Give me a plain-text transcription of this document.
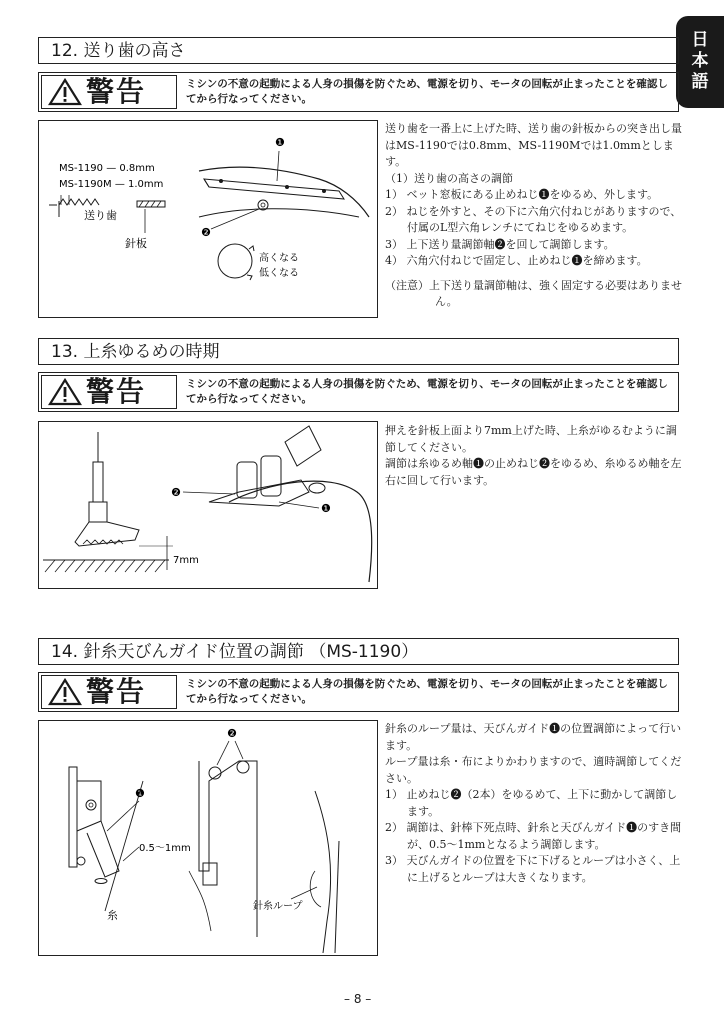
日本語
12. 送り歯の高さ
警告	ミシンの不意の起動による人身の損傷を防ぐため、電源を切り、モータの回転が止まったことを確認してから行なってください。
MS-1190 — 0.8mm
MS-1190M — 1.0mm
送り歯
針板
❶
❷
高くなる
低くなる

送り歯を一番上に上げた時、送り歯の針板からの突き出し量はMS-1190では0.8mm、MS-1190Mでは1.0mmとします。

（1）送り歯の高さの調節

1） ベット窓板にある止めねじ❶をゆるめ、外します。

2） ねじを外すと、その下に六角穴付ねじがありますので、付属のL型六角レンチにてねじをゆるめます。

3） 上下送り量調節軸❷を回して調節します。

4） 六角穴付ねじで固定し、止めねじ❶を締めます。

（注意）上下送り量調節軸は、強く固定する必要はありません。

13. 上糸ゆるめの時期
警告	ミシンの不意の起動による人身の損傷を防ぐため、電源を切り、モータの回転が止まったことを確認してから行なってください。
7mm
❷
❶

押えを針板上面より7mm上げた時、上糸がゆるむように調節してください。

調節は糸ゆるめ軸❶の止めねじ❷をゆるめ、糸ゆるめ軸を左右に回して行います。

14. 針糸天びんガイド位置の調節 （MS-1190）
警告	ミシンの不意の起動による人身の損傷を防ぐため、電源を切り、モータの回転が止まったことを確認してから行なってください。
❶
0.5～1mm
糸
❷
針糸ループ

針糸のループ量は、天びんガイド❶の位置調節によって行います。

ループ量は糸・布によりかわりますので、適時調節してください。

1） 止めねじ❷（2本）をゆるめて、上下に動かして調節します。

2） 調節は、針棒下死点時、針糸と天びんガイド❶のすき間が、0.5～1mmとなるよう調節します。

3） 天びんガイドの位置を下に下げるとループは小さく、上に上げるとループは大きくなります。

– 8 –
